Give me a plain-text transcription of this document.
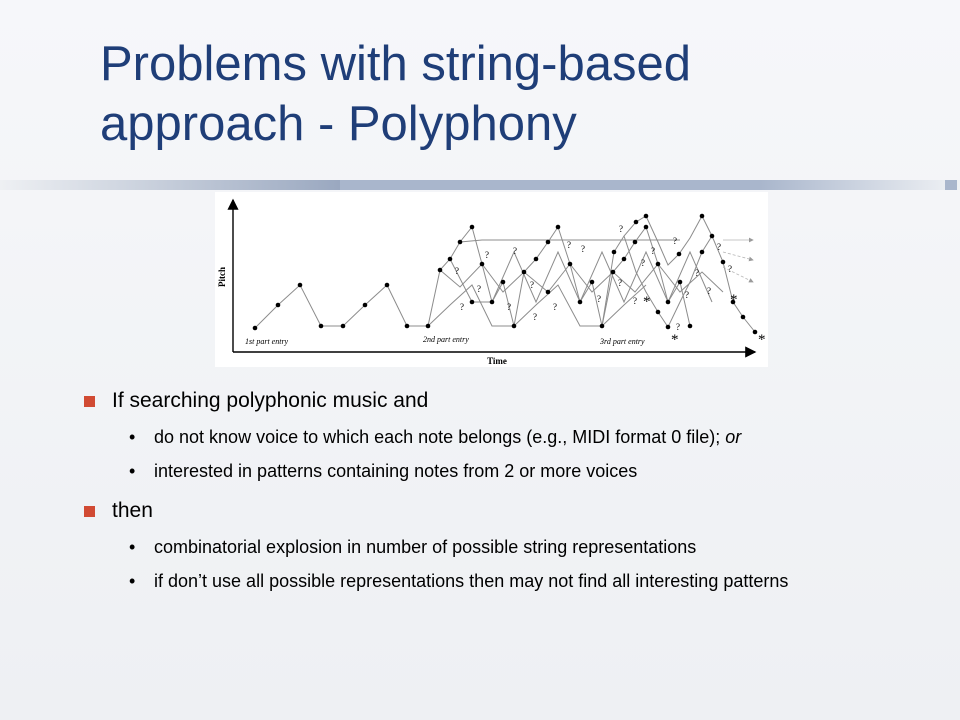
Problems with string-based
approach - Polyphony
Pitch
Time
1st part entry	2nd part entry	3rd part entry
?
?
?
?	?
?
?
?
?
?
?
?
?
?
?
?
?
?
?
?
?
?
?
?
*
*
*
*
If searching polyphonic music and
• do not know voice to which each note belongs (e.g., MIDI format 0 file); or
• interested in patterns containing notes from 2 or more voices
then
• combinatorial explosion in number of possible string representations
• if don’t use all possible representations then may not find all interesting patterns
